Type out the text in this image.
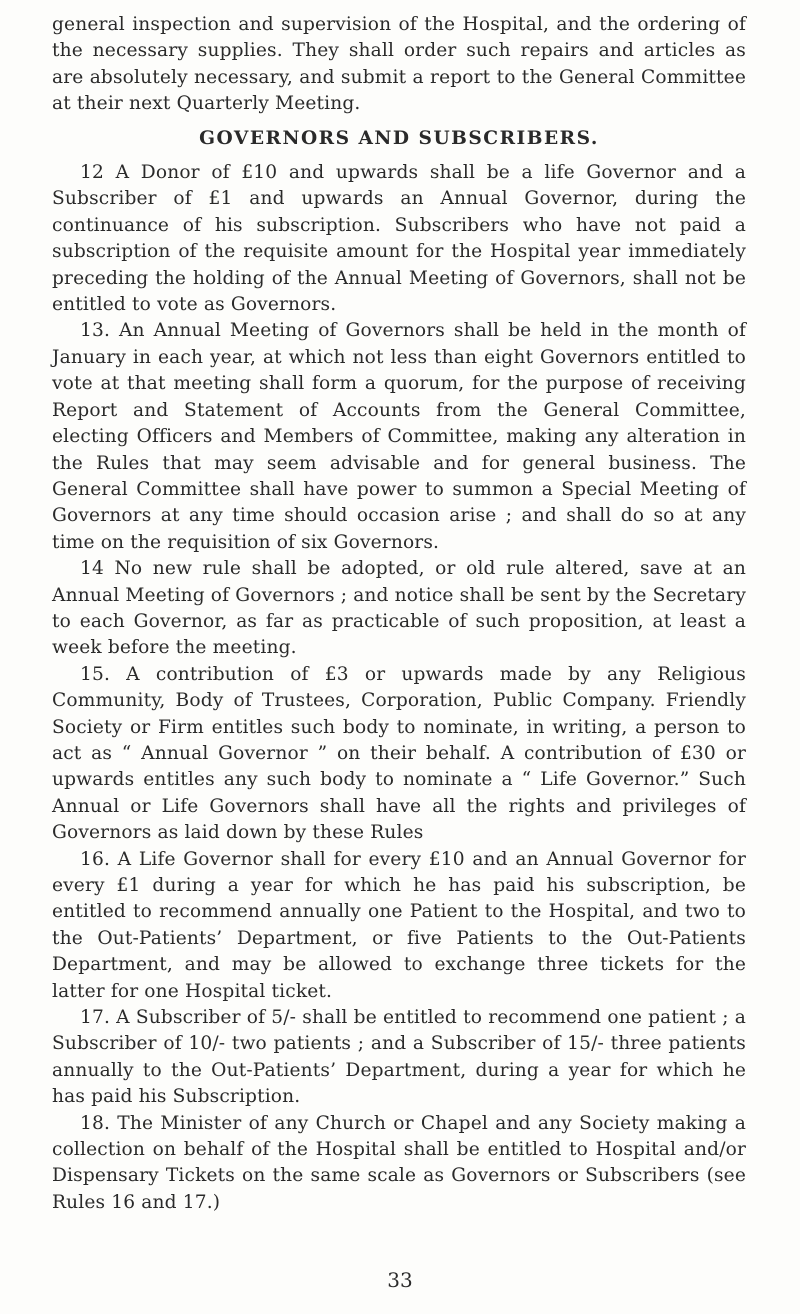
general inspection and supervision of the Hospital, and the ordering of the necessary supplies. They shall order such repairs and articles as are absolutely necessary, and submit a report to the General Committee at their next Quarterly Meeting.

GOVERNORS AND SUBSCRIBERS.

12 A Donor of £10 and upwards shall be a life Governor and a Subscriber of £1 and upwards an Annual Governor, during the continuance of his subscription. Subscribers who have not paid a subscription of the requisite amount for the Hospital year immediately preceding the holding of the Annual Meeting of Governors, shall not be entitled to vote as Governors.

13. An Annual Meeting of Governors shall be held in the month of January in each year, at which not less than eight Governors entitled to vote at that meeting shall form a quorum, for the purpose of receiving Report and Statement of Accounts from the General Committee, electing Officers and Members of Committee, making any alteration in the Rules that may seem advisable and for general business. The General Committee shall have power to summon a Special Meeting of Governors at any time should occasion arise ; and shall do so at any time on the requisition of six Governors.

14 No new rule shall be adopted, or old rule altered, save at an Annual Meeting of Governors ; and notice shall be sent by the Secretary to each Governor, as far as practicable of such proposition, at least a week before the meeting.

15. A contribution of £3 or upwards made by any Religious Community, Body of Trustees, Corporation, Public Company. Friendly Society or Firm entitles such body to nominate, in writing, a person to act as “ Annual Governor ” on their behalf. A contribution of £30 or upwards entitles any such body to nominate a “ Life Governor.” Such Annual or Life Governors shall have all the rights and privileges of Governors as laid down by these Rules

16. A Life Governor shall for every £10 and an Annual Governor for every £1 during a year for which he has paid his subscription, be entitled to recommend annually one Patient to the Hospital, and two to the Out-Patients’ Department, or five Patients to the Out-Patients Department, and may be allowed to exchange three tickets for the latter for one Hospital ticket.

17. A Subscriber of 5/- shall be entitled to recommend one patient ; a Subscriber of 10/- two patients ; and a Subscriber of 15/- three patients annually to the Out-Patients’ Department, during a year for which he has paid his Subscription.

18. The Minister of any Church or Chapel and any Society making a collection on behalf of the Hospital shall be entitled to Hospital and/or Dispensary Tickets on the same scale as Governors or Subscribers (see Rules 16 and 17.)

33
